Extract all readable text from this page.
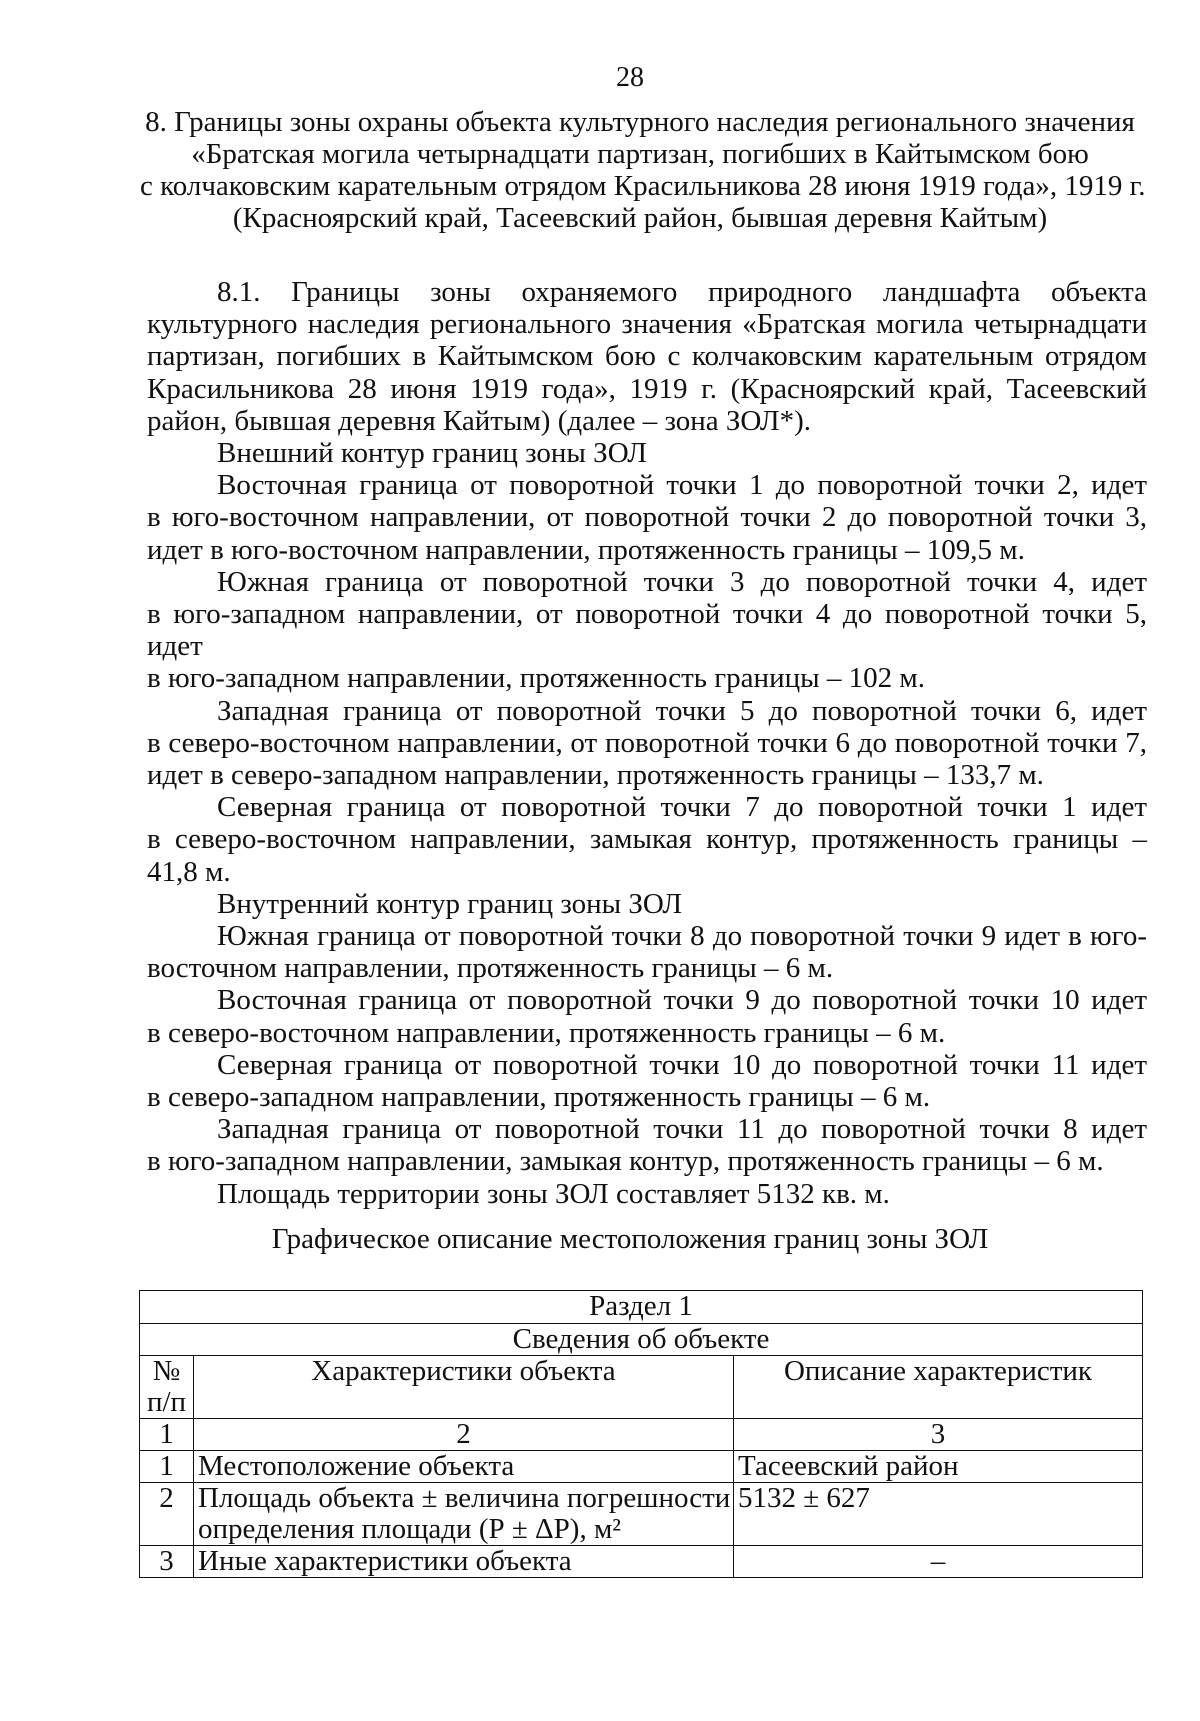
28
8. Границы зоны охраны объекта культурного наследия регионального значения
«Братская могила четырнадцати партизан, погибших в Кайтымском бою
с колчаковским карательным отрядом Красильникова 28 июня 1919 года», 1919 г.
(Красноярский край, Тасеевский район, бывшая деревня Кайтым)
8.1. Границы зоны охраняемого природного ландшафта объекта
культурного наследия регионального значения «Братская могила четырнадцати
партизан, погибших в Кайтымском бою с колчаковским карательным отрядом
Красильникова 28 июня 1919 года», 1919 г. (Красноярский край, Тасеевский
район, бывшая деревня Кайтым) (далее – зона ЗОЛ*).
Внешний контур границ зоны ЗОЛ
Восточная граница от поворотной точки 1 до поворотной точки 2, идет
в юго-восточном направлении, от поворотной точки 2 до поворотной точки 3,
идет в юго-восточном направлении, протяженность границы – 109,5 м.
Южная граница от поворотной точки 3 до поворотной точки 4, идет
в юго-западном направлении, от поворотной точки 4 до поворотной точки 5, идет
в юго-западном направлении, протяженность границы – 102 м.
Западная граница от поворотной точки 5 до поворотной точки 6, идет
в северо-восточном направлении, от поворотной точки 6 до поворотной точки 7,
идет в северо-западном направлении, протяженность границы – 133,7 м.
Северная граница от поворотной точки 7 до поворотной точки 1 идет
в северо-восточном направлении, замыкая контур, протяженность границы –
41,8 м.
Внутренний контур границ зоны ЗОЛ
Южная граница от поворотной точки 8 до поворотной точки 9 идет в юго-
восточном направлении, протяженность границы – 6 м.
Восточная граница от поворотной точки 9 до поворотной точки 10 идет
в северо-восточном направлении, протяженность границы – 6 м.
Северная граница от поворотной точки 10 до поворотной точки 11 идет
в северо-западном направлении, протяженность границы – 6 м.
Западная граница от поворотной точки 11 до поворотной точки 8 идет
в юго-западном направлении, замыкая контур, протяженность границы – 6 м.
Площадь территории зоны ЗОЛ составляет 5132 кв. м.
Графическое описание местоположения границ зоны ЗОЛ
Раздел 1		
Сведения об объекте		

№
п/п	Характеристики объекта	Описание характеристик
1	2	3
1	Местоположение объекта	Тасеевский район
2	Площадь объекта ± величина погрешности
определения площади (Р ± ΔР), м²	5132 ± 627
3	Иные характеристики объекта	–
